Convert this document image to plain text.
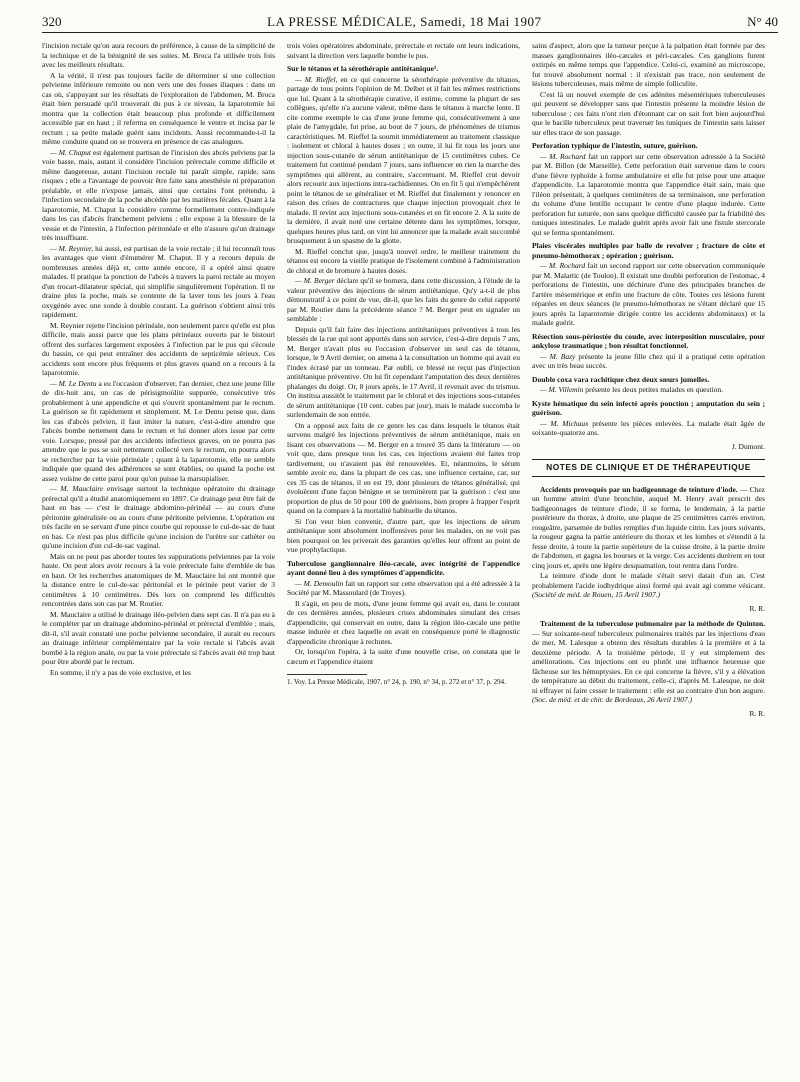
320	LA PRESSE MÉDICALE, Samedi, 18 Mai 1907	N° 40

l'incision rectale qu'on aura recours de préférence, à cause de la simplicité de la technique et de la bénignité de ses suites. M. Broca l'a utilisée trois fois avec les meilleurs résultats.

A la vérité, il n'est pas toujours facile de déterminer si une collection pelvienne inférieure remonte ou non vers une des fosses iliaques : dans un cas où, s'appuyant sur les résultats de l'exploration de l'abdomen, M. Broca était bien persuadé qu'il trouverait du pus à ce niveau, la laparotomie lui montra que la collection était beaucoup plus profonde et difficilement accessible par en haut ; il referma en conséquence le ventre et incisa par le rectum ; sa petite malade guérit sans incidents. Aussi recommande-t-il la même conduite quand on se trouvera en présence de cas analogues.

— M. Chaput est également partisan de l'incision des abcès pelviens par la voie basse, mais, autant il considère l'incision prérectale comme difficile et même dangereuse, autant l'incision rectale lui paraît simple, rapide, sans risques ; elle a l'avantage de pouvoir être faite sans anesthésie ni préparation préalable, et elle n'expose jamais, ainsi que certains l'ont prétendu, à l'infection secondaire de la poche abcédée par les matières fécales. Quant à la laparotomie, M. Chaput la considère comme formellement contre-indiquée dans les cas d'abcès franchement pelviens : elle expose à la blessure de la vessie et de l'intestin, à l'infection péritonéale et elle n'assure qu'un drainage très insuffisant.

— M. Reynier, lui aussi, est partisan de la voie rectale ; il lui reconnaît tous les avantages que vient d'énumérer M. Chaput. Il y a recours depuis de nombreuses années déjà et, cette année encore, il a opéré ainsi quatre malades. Il pratique la ponction de l'abcès à travers la paroi rectale au moyen d'un trocart-dilatateur spécial, qui simplifie singulièrement l'opération. Il ne draine plus la poche, mais se contente de la laver tous les jours à l'eau oxygénée avec une sonde à double courant. La guérison s'obtient ainsi très rapidement.

M. Reynier rejette l'incision périnéale, non seulement parce qu'elle est plus difficile, mais aussi parce que les plans périnéaux ouverts par le bistouri offrent des surfaces largement exposées à l'infection par le pus qui s'écoule du bassin, ce qui peut entraîner des accidents de septicémie sérieux. Ces accidents sont encore plus fréquents et plus graves quand on a recours à la laparotomie.

— M. Le Dentu a eu l'occasion d'observer, l'an dernier, chez une jeune fille de dix-huit ans, un cas de périsigmoïdite suppurée, consécutive très probablement à une appendicite et qui s'ouvrit spontanément par le rectum. La guérison se fit rapidement et simplement. M. Le Dentu pense que, dans les cas d'abcès pelvien, il faut imiter la nature, c'est-à-dire attendre que l'abcès bombe nettement dans le rectum et lui donner alors issue par cette voie. Lorsque, pressé par des accidents infectieux graves, on ne pourra pas attendre que le pus se soit nettement collecté vers le rectum, on pourra alors se rechercher par la voie périnéale ; quant à la laparotomie, elle ne semble indiquée que quand des adhérences se sont établies, ou quand la poche est assez voisine de cette paroi pour qu'on puisse la marsupialiser.

— M. Mauclaire envisage surtout la technique opératoire du drainage prérectal qu'il a étudié anatomiquement en 1897. Ce drainage peut être fait de haut en bas — c'est le drainage abdomino-périnéal — au cours d'une péritonite généralisée ou au cours d'une péritonite pelvienne. L'opération est très facile en se servant d'une pince courbe qui repousse le cul-de-sac de haut en bas. Ce n'est pas plus difficile qu'une incision de l'urètre sur cathéter ou qu'une incision d'un cul-de-sac vaginal.

Mais on ne peut pas aborder toutes les suppurations pelviennes par la voie haute. On peut alors avoir recours à la voie prérectale faite d'emblée de bas en haut. Or les recherches anatomiques de M. Mauclaire lui ont montré que la distance entre le cul-de-sac péritonéal et le périnée peut varier de 3 centimètres à 10 centimètres. Dès lors on comprend les difficultés rencontrées dans son cas par M. Routier.

M. Mauclaire a utilisé le drainage iléo-pelvien dans sept cas. Il n'a pas eu à le compléter par un drainage abdomino-périnéal et prérectal d'emblée ; mais, dit-il, s'il avait constaté une poche pelvienne secondaire, il aurait eu recours au drainage inférieur complémentaire par la voie rectale si l'abcès avait bombé à la région anale, ou par la voie prérectale si l'abcès avait été trop haut pour être abordé par le rectum.

En somme, il n'y a pas de voie exclusive, et les

trois voies opératoires abdominale, prérectale et rectale ont leurs indications, suivant la direction vers laquelle bombe le pus.

Sur le tétanos et la sérothérapie antitétanique¹.

— M. Rieffel, en ce qui concerne la sérothérapie préventive du tétanos, partage de tous points l'opinion de M. Delbet et il fait les mêmes restrictions que lui. Quant à la sérothérapie curative, il estime, comme la plupart de ses collègues, qu'elle n'a aucune valeur, même dans le tétanos à marche lente. Il cite comme exemple le cas d'une jeune femme qui, consécutivement à une plaie de l'amygdale, fut prise, au bout de 7 jours, de phénomènes de trismus caractéristiques. M. Rieffel la soumit immédiatement au traitement classique : isolement et chloral à hautes doses ; en outre, il lui fit tous les jours une injection sous-cutanée de sérum antitétanique de 15 centimètres cubes. Ce traitement fut continué pendant 7 jours, sans influencer en rien la marche des symptômes qui allèrent, au contraire, s'accentuant. M. Rieffel crut devoir alors recourir aux injections intra-rachidiennes. On en fit 5 qui n'empêchèrent point le tétanos de se généraliser et M. Rieffel dut finalement y renoncer en raison des crises de contractures que chaque injection provoquait chez le malade. Il revint aux injections sous-cutanées et en fit encore 2. A la suite de la dernière, il avait noté une certaine détente dans les symptômes, lorsque, quelques heures plus tard, on vint lui annoncer que la malade avait succombé brusquement à un spasme de la glotte.

M. Rieffel conclut que, jusqu'à nouvel ordre, le meilleur traitement du tétanos est encore la vieille pratique de l'isolement combiné à l'administration de chloral et de bromure à hautes doses.

— M. Berger déclare qu'il se bornera, dans cette discussion, à l'étude de la valeur préventive des injections de sérum antitétanique. Qu'y a-t-il de plus démonstratif à ce point de vue, dit-il, que les faits du genre de celui rapporté par M. Routier dans la précédente séance ? M. Berger peut en signaler un semblable :

Depuis qu'il fait faire des injections antitétaniques préventives à tous les blessés de la rue qui sont apportés dans son service, c'est-à-dire depuis 7 ans, M. Berger n'avait plus eu l'occasion d'observer un seul cas de tétanos, lorsque, le 9 Avril dernier, on amena à la consultation un homme qui avait eu l'index écrasé par un tonneau. Par oubli, ce blessé ne reçut pas d'injection antitétanique préventive. On lui fit cependant l'amputation des deux dernières phalanges du doigt. Or, 8 jours après, le 17 Avril, il revenait avec du trismus. On institua aussitôt le traitement par le chloral et des injections sous-cutanées de sérum antitétanique (10 cent. cubes par jour), mais le malade succomba le surlendemain de son entrée.

On a opposé aux faits de ce genre les cas dans lesquels le tétanos était survenu malgré les injections préventives de sérum antitétanique, mais en lisant ces observations — M. Berger en a trouvé 35 dans la littérature — on voit que, dans presque tous les cas, ces injections avaient été faites trop tardivement, ou n'avaient pas été renouvelées. Et, néanmoins, le sérum semble avoir eu, dans la plupart de ces cas, une influence certaine, car, sur ces 35 cas de tétanos, il en est 19, dont plusieurs de tétanos généralisé, qui évoluèrent d'une façon bénigne et se terminèrent par la guérison : c'est une proportion de plus de 50 pour 100 de guérisons, bien propre à frapper l'esprit quand on la compare à la mortalité habituelle du tétanos.

Si l'on veut bien convenir, d'autre part, que les injections de sérum antitétanique sont absolument inoffensives pour les malades, on ne voit pas bien pourquoi on les priverait des garanties qu'elles leur offrent au point de vue prophylactique.

Tuberculose ganglionnaire iléo-cæcale, avec intégrité de l'appendice ayant donné lieu à des symptômes d'appendicite.

— M. Demoulin fait un rapport sur cette observation qui a été adressée à la Société par M. Massoulard (de Troyes).

Il s'agit, en peu de mots, d'une jeune femme qui avait eu, dans le courant de ces dernières années, plusieurs crises abdominales simulant des crises d'appendicite, qui conservait en outre, dans la région iléo-cæcale une petite masse indurée et chez laquelle on avait en conséquence porté le diagnostic d'appendicite chronique à rechutes.

Or, lorsqu'on l'opéra, à la suite d'une nouvelle crise, on constata que le cæcum et l'appendice étaient

1. Voy. La Presse Médicale, 1907, n° 24, p. 190, n° 34, p. 272 et n° 37, p. 294.

sains d'aspect, alors que la tumeur perçue à la palpation était formée par des masses ganglionnaires iléo-cæcales et péri-cæcales. Ces ganglions furent extirpés en même temps que l'appendice. Celui-ci, examiné au microscope, fut trouvé absolument normal : il n'existait pas trace, non seulement de lésions tuberculeuses, mais même de simple folliculite.

C'est là un nouvel exemple de ces adénites mésentériques tuberculeuses qui peuvent se développer sans que l'intestin présente la moindre lésion de tuberculose ; ces faits n'ont rien d'étonnant car on sait fort bien aujourd'hui que le bacille tuberculeux peut traverser les tuniques de l'intestin sans laisser sur elles trace de son passage.

Perforation typhique de l'intestin, suture, guérison.

— M. Rochard fait un rapport sur cette observation adressée à la Société par M. Billon (de Marseille). Cette perforation était survenue dans le cours d'une fièvre typhoïde à forme ambulatoire et elle fut prise pour une attaque d'appendicite. La laparotomie montra que l'appendice était sain, mais que l'iléon présentait, à quelques centimètres de sa terminaison, une perforation du volume d'une lentille occupant le centre d'une plaque indurée. Cette perforation fut suturée, non sans quelque difficulté causée par la friabilité des tuniques intestinales. Le malade guérit après avoir fait une fistule stercorale qui se ferma spontanément.

Plaies viscérales multiples par balle de revolver ; fracture de côte et pneumo-hémothorax ; opération ; guérison.

— M. Rochard fait un second rapport sur cette observation communiquée par M. Malartic (de Toulon). Il existait une double perforation de l'estomac, 4 perforations de l'intestin, une déchirure d'une des principales branches de l'artère mésentérique et enfin une fracture de côte. Toutes ces lésions furent réparées en deux séances (le pneumo-hémothorax ne s'étant déclaré que 15 jours après la laparotomie dirigée contre les accidents abdominaux) et la malade guérit.

Résection sous-périostée du coude, avec interposition musculaire, pour ankylose traumatique ; bon résultat fonctionnel.

— M. Bazy présente la jeune fille chez qui il a pratiqué cette opération avec un très beau succès.

Double coxa vara rachitique chez deux sœurs jumelles.

— M. Villemin présente les deux petites malades en question.

Kyste hématique du sein infecté après ponction ; amputation du sein ; guérison.

— M. Michaux présente les pièces enlevées. La malade était âgée de soixante-quatorze ans.

J. Dumont.

NOTES DE CLINIQUE ET DE THÉRAPEUTIQUE

Accidents provoqués par un badigeonnage de teinture d'iode. — Chez un homme atteint d'une bronchite, auquel M. Henry avait prescrit des badigeonnages de teinture d'iode, il se forma, le lendemain, à la partie postérieure du thorax, à droite, une plaque de 25 centimètres carrés environ, rougeâtre, parsemée de bulles remplies d'un liquide citrin. Les jours suivants, la rougeur gagna la partie antérieure du thorax et les lombes et s'étendit à la fesse droite, à toute la partie supérieure de la cuisse droite, à la partie droite de l'abdomen, et gagna les bourses et la verge. Ces accidents durèrent en tout cinq jours et, après une légère desquamation, tout rentra dans l'ordre.

La teinture d'iode dont le malade s'était servi datait d'un an. C'est probablement l'acide iodhydrique ainsi formé qui avait agi comme vésicant. (Société de méd. de Rouen, 15 Avril 1907.)

R. R.

Traitement de la tuberculose pulmonaire par la méthode de Quinton. — Sur soixante-neuf tuberculeux pulmonaires traités par les injections d'eau de mer, M. Lalesque a obtenu des résultats durables à la première et à la deuxième période. A la troisième période, il y eut simplement des améliorations. Ces injections ont eu plutôt une influence heureuse que fâcheuse sur les hémoptysies. En ce qui concerne la fièvre, s'il y a élévation de température au début du traitement, celle-ci, d'après M. Lalesque, ne doit ni effrayer ni faire cesser le traitement : elle est au contraire d'un bon augure. (Soc. de méd. et de chir. de Bordeaux, 26 Avril 1907.)

R. R.
